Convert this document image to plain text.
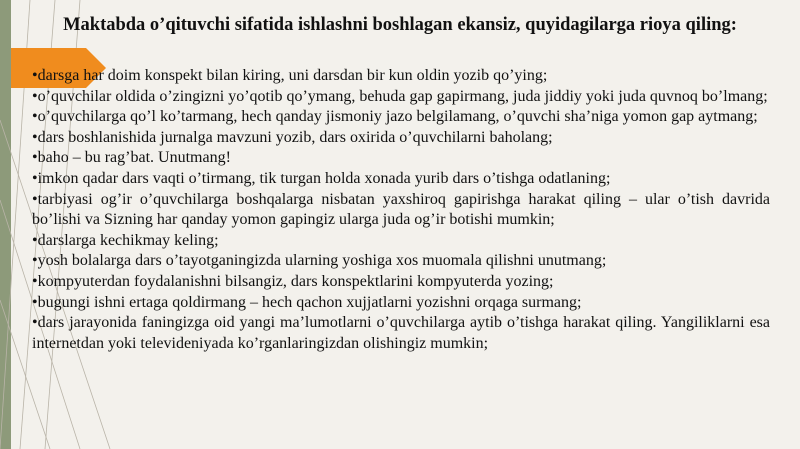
Maktabda o’qituvchi sifatida ishlashni boshlagan ekansiz, quyidagilarga rioya qiling:
•darsga har doim konspekt bilan kiring, uni darsdan bir kun oldin yozib qo’ying;
•o’quvchilar oldida o’zingizni yo’qotib qo’ymang, behuda gap gapirmang, juda jiddiy yoki juda quvnoq bo’lmang;
•o’quvchilarga qo’l ko’tarmang, hech qanday jismoniy jazo belgilamang, o’quvchi sha’niga yomon gap aytmang;
•dars boshlanishida jurnalga mavzuni yozib, dars oxirida o’quvchilarni baholang;
•baho – bu rag’bat. Unutmang!
•imkon qadar dars vaqti o’tirmang, tik turgan holda xonada yurib dars o’tishga odatlaning;
•tarbiyasi og’ir o’quvchilarga boshqalarga nisbatan yaxshiroq gapirishga harakat qiling – ular o’tish davrida bo’lishi va Sizning har qanday yomon gapingiz ularga juda og’ir botishi mumkin;
•darslarga kechikmay keling;
•yosh bolalarga dars o’tayotganingizda ularning yoshiga xos muomala qilishni unutmang;
•kompyuterdan foydalanishni bilsangiz, dars konspektlarini kompyuterda yozing;
•bugungi ishni ertaga qoldirmang – hech qachon xujjatlarni yozishni orqaga surmang;
•dars jarayonida faningizga oid yangi ma’lumotlarni o’quvchilarga aytib o’tishga harakat qiling. Yangiliklarni esa internetdan yoki televideniyada ko’rganlaringizdan olishingiz mumkin;
